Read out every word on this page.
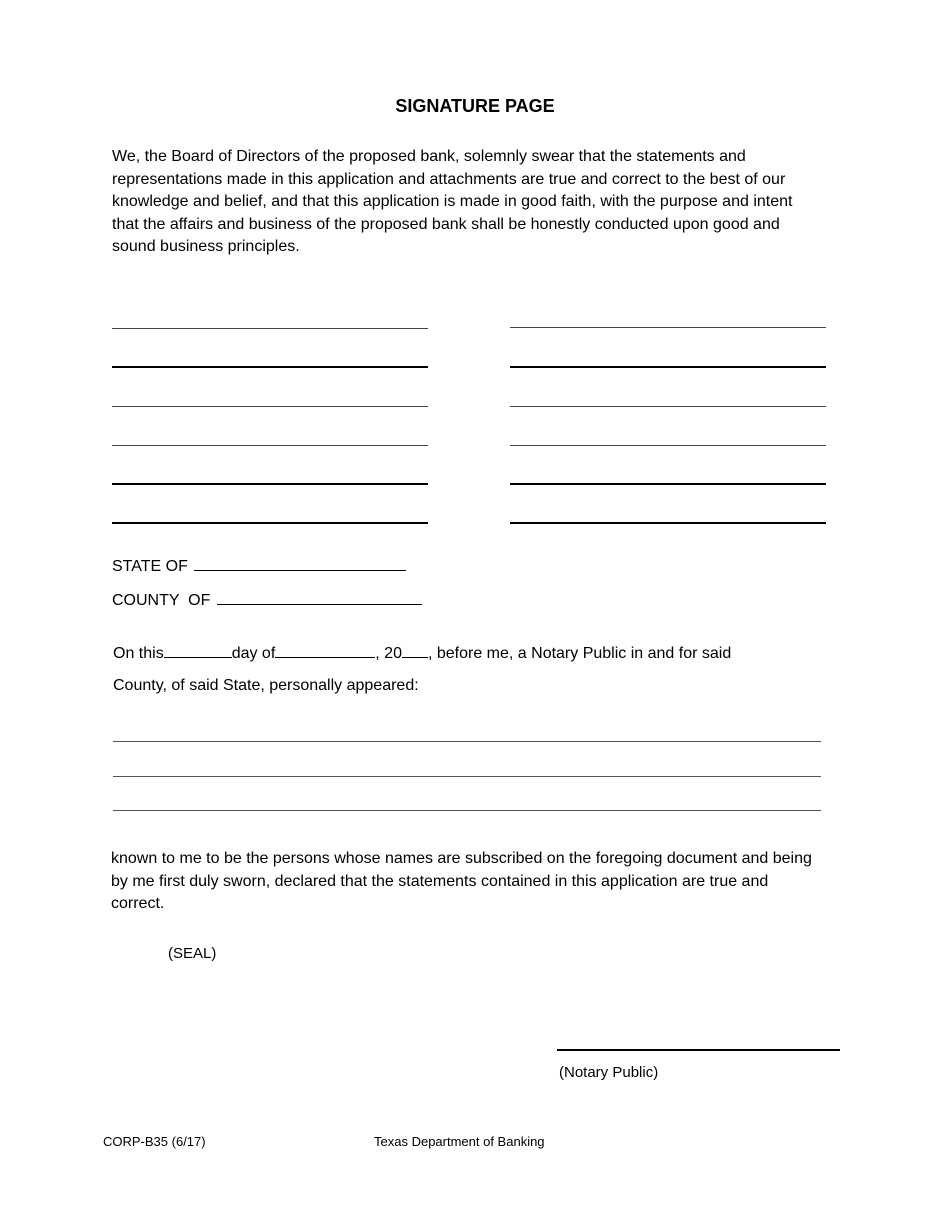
SIGNATURE PAGE
We, the Board of Directors of the proposed bank, solemnly swear that the statements and representations made in this application and attachments are true and correct to the best of our knowledge and belief, and that this application is made in good faith, with the purpose and intent that the affairs and business of the proposed bank shall be honestly conducted upon good and sound business principles.
STATE OF
COUNTY  OF
On this	day of	, 20 , before me, a Notary Public in and for said
County, of said State, personally appeared:
known to me to be the persons whose names are subscribed on the foregoing document and being by me first duly sworn, declared that the statements contained in this application are true and correct.
(SEAL)
(Notary Public)
CORP-B35 (6/17)	Texas Department of Banking
